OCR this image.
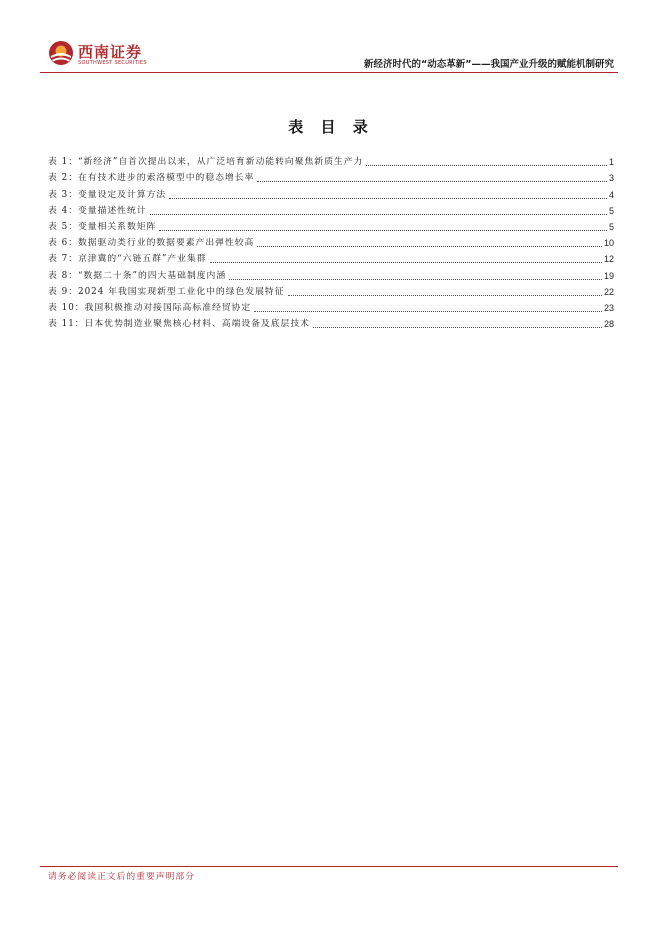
西南证券
SOUTHWEST SECURITIES	新经济时代的“动态革新”——我国产业升级的赋能机制研究
表 目 录
表 1：“新经济”自首次提出以来，从广泛培育新动能转向聚焦新质生产力	1
表 2：在有技术进步的索洛模型中的稳态增长率	3
表 3：变量设定及计算方法	4
表 4：变量描述性统计	5
表 5：变量相关系数矩阵	5
表 6：数据驱动类行业的数据要素产出弹性较高	10
表 7：京津冀的“六链五群”产业集群	12
表 8：“数据二十条”的四大基础制度内涵	19
表 9：2024 年我国实现新型工业化中的绿色发展特征	22
表 10：我国积极推动对接国际高标准经贸协定	23
表 11：日本优势制造业聚焦核心材料、高端设备及底层技术	28
请务必阅读正文后的重要声明部分
